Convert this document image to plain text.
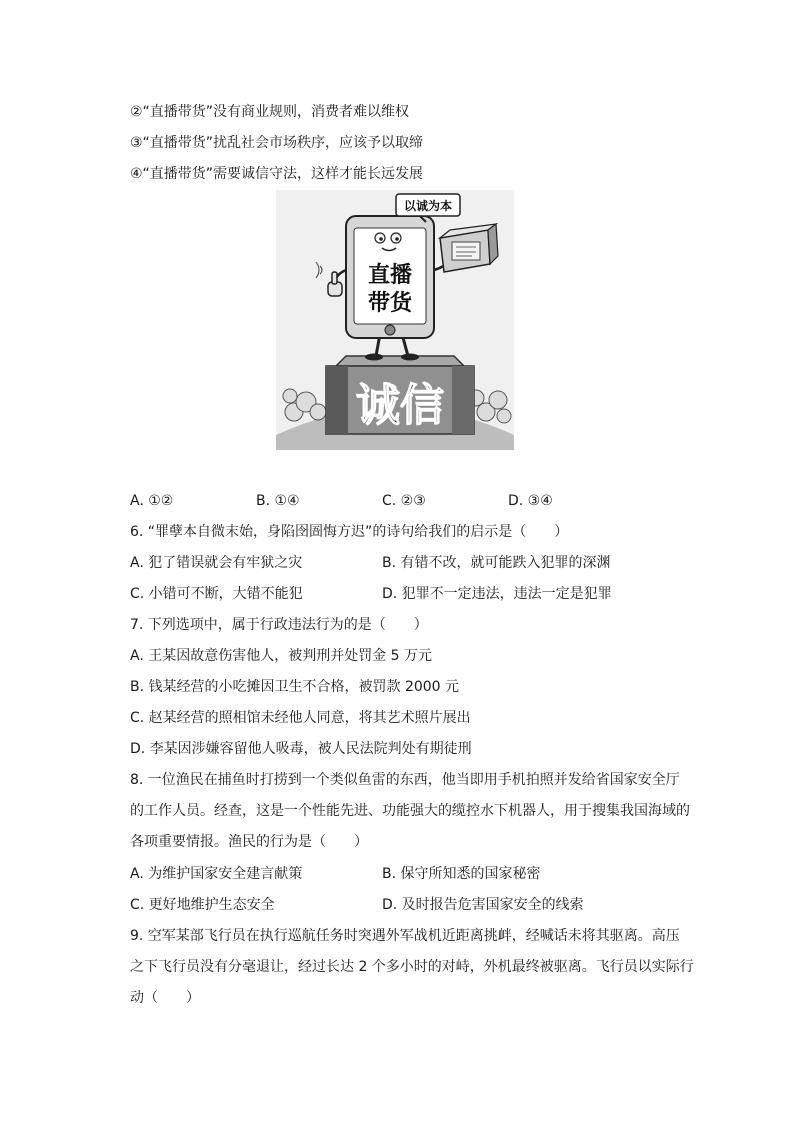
②“直播带货”没有商业规则，消费者难以维权
③“直播带货”扰乱社会市场秩序，应该予以取缔
④“直播带货”需要诚信守法，这样才能长远发展
诚信
直播
带货
以诚为本
A. ①②	B. ①④	C. ②③	D. ③④
6. “罪孽本自微末始，身陷囹圄悔方迟”的诗句给我们的启示是（　　）
A. 犯了错误就会有牢狱之灾	B. 有错不改，就可能跌入犯罪的深渊
C. 小错可不断，大错不能犯	D. 犯罪不一定违法，违法一定是犯罪
7. 下列选项中，属于行政违法行为的是（　　）
A. 王某因故意伤害他人，被判刑并处罚金 5 万元
B. 钱某经营的小吃摊因卫生不合格，被罚款 2000 元
C. 赵某经营的照相馆未经他人同意，将其艺术照片展出
D. 李某因涉嫌容留他人吸毒，被人民法院判处有期徒刑
8. 一位渔民在捕鱼时打捞到一个类似鱼雷的东西，他当即用手机拍照并发给省国家安全厅
的工作人员。经查，这是一个性能先进、功能强大的缆控水下机器人，用于搜集我国海域的
各项重要情报。渔民的行为是（　　）
A. 为维护国家安全建言献策	B. 保守所知悉的国家秘密
C. 更好地维护生态安全	D. 及时报告危害国家安全的线索
9. 空军某部飞行员在执行巡航任务时突遇外军战机近距离挑衅，经喊话未将其驱离。高压
之下飞行员没有分毫退让，经过长达 2 个多小时的对峙，外机最终被驱离。飞行员以实际行
动（　　）
